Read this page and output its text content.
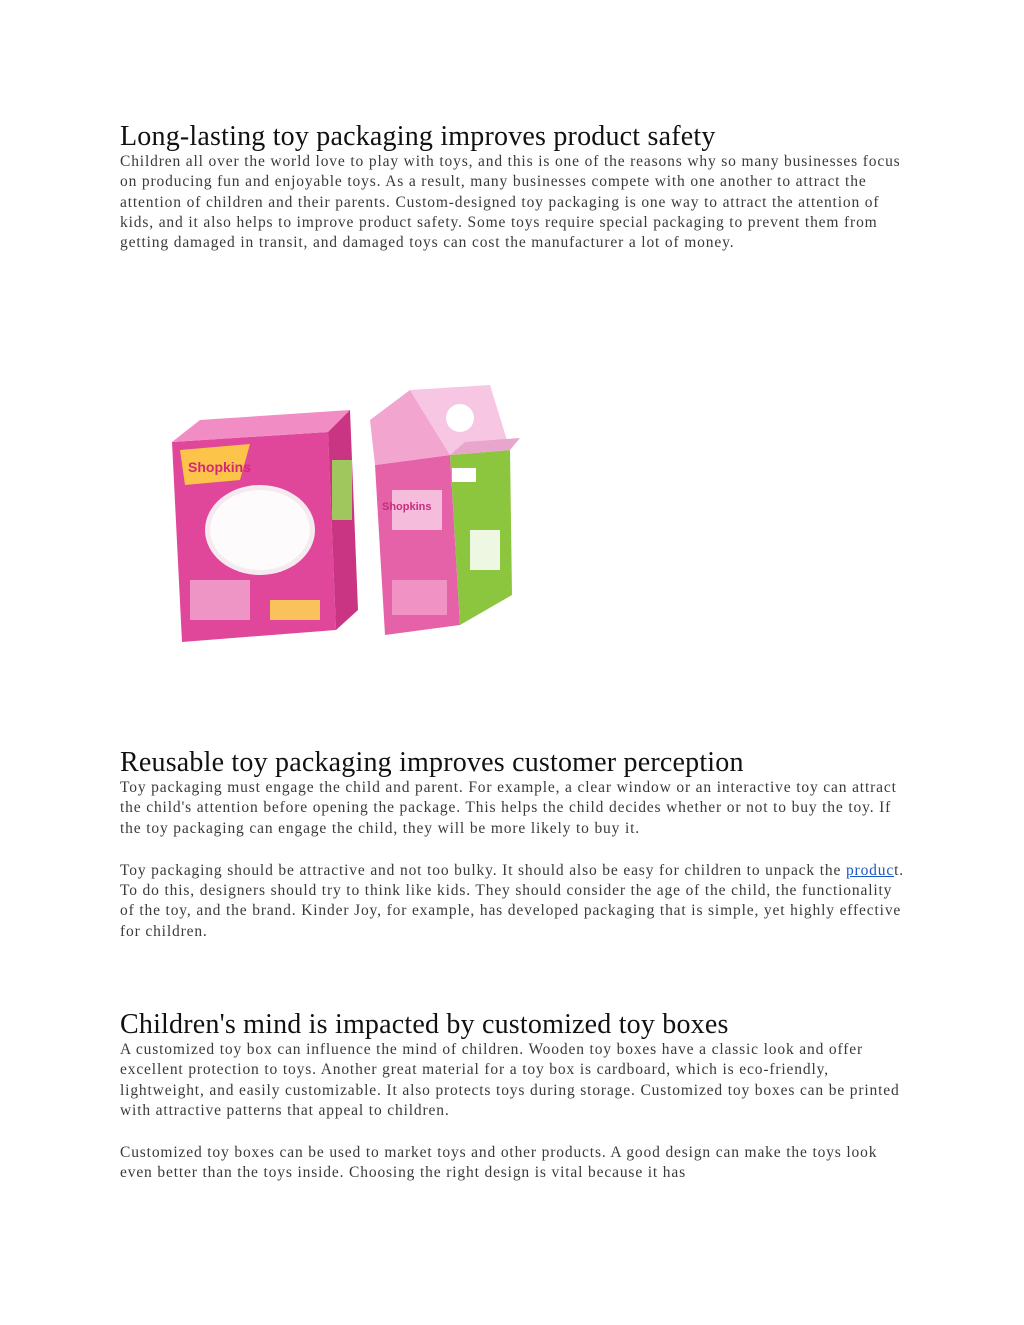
Long-lasting toy packaging improves product safety

Children all over the world love to play with toys, and this is one of the reasons why so many businesses focus on producing fun and enjoyable toys. As a result, many businesses compete with one another to attract the attention of children and their parents. Custom-designed toy packaging is one way to attract the attention of kids, and it also helps to improve product safety. Some toys require special packaging to prevent them from getting damaged in transit, and damaged toys can cost the manufacturer a lot of money.

Shopkins
Shopkins
Reusable toy packaging improves customer perception

Toy packaging must engage the child and parent. For example, a clear window or an interactive toy can attract the child's attention before opening the package. This helps the child decides whether or not to buy the toy. If the toy packaging can engage the child, they will be more likely to buy it.

Toy packaging should be attractive and not too bulky. It should also be easy for children to unpack the product. To do this, designers should try to think like kids. They should consider the age of the child, the functionality of the toy, and the brand. Kinder Joy, for example, has developed packaging that is simple, yet highly effective for children.

Children's mind is impacted by customized toy boxes

A customized toy box can influence the mind of children. Wooden toy boxes have a classic look and offer excellent protection to toys. Another great material for a toy box is cardboard, which is eco-friendly, lightweight, and easily customizable. It also protects toys during storage. Customized toy boxes can be printed with attractive patterns that appeal to children.

Customized toy boxes can be used to market toys and other products. A good design can make the toys look even better than the toys inside. Choosing the right design is vital because it has
